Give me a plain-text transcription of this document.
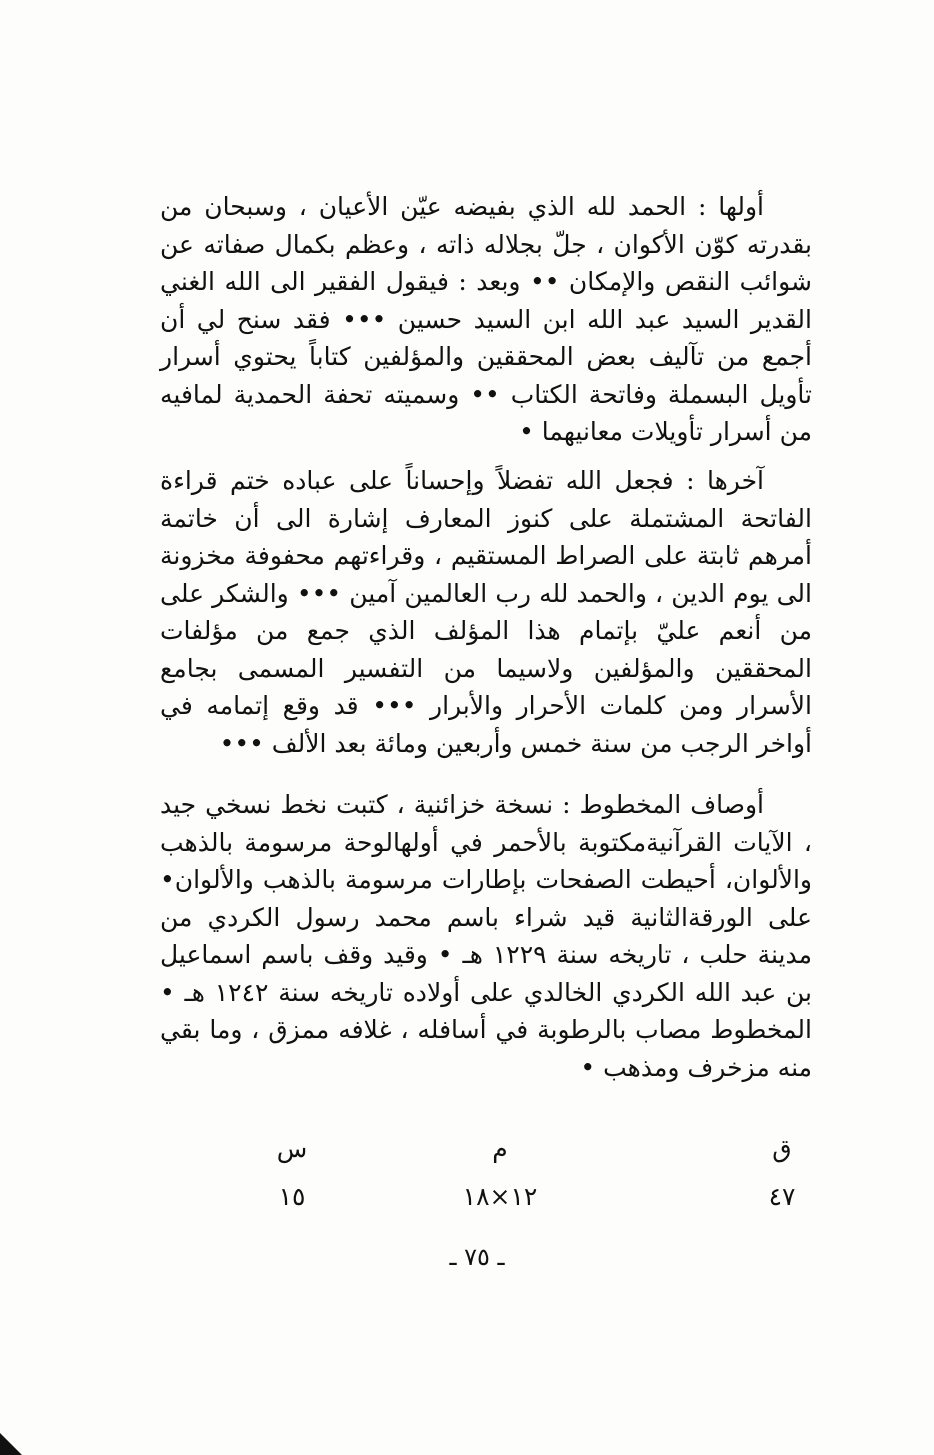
أولها : الحمد لله الذي بفيضه عيّن الأعيان ، وسبحان من بقدرته كوّن الأكوان ، جلّ بجلاله ذاته ، وعظم بكمال صفاته عن شوائب النقص والإمكان •• وبعد : فيقول الفقير الى الله الغني القدير السيد عبد الله ابن السيد حسين ••• فقد سنح لي أن أجمع من تآليف بعض المحققين والمؤلفين كتاباً يحتوي أسرار تأويل البسملة وفاتحة الكتاب •• وسميته تحفة الحمدية لمافيه من أسرار تأويلات معانيهما •

آخرها : فجعل الله تفضلاً وإحساناً على عباده ختم قراءة الفاتحة المشتملة على كنوز المعارف إشارة الى أن خاتمة أمرهم ثابتة على الصراط المستقيم ، وقراءتهم محفوفة مخزونة الى يوم الدين ، والحمد لله رب العالمين آمين ••• والشكر على من أنعم عليّ بإتمام هذا المؤلف الذي جمع من مؤلفات المحققين والمؤلفين ولاسيما من التفسير المسمى بجامع الأسرار ومن كلمات الأحرار والأبرار ••• قد وقع إتمامه في أواخر الرجب من سنة خمس وأربعين ومائة بعد الألف •••

أوصاف المخطوط : نسخة خزائنية ، كتبت نخط نسخي جيد ، الآيات القرآنيةمكتوبة بالأحمر في أولهالوحة مرسومة بالذهب والألوان، أحيطت الصفحات بإطارات مرسومة بالذهب والألوان• على الورقةالثانية قيد شراء باسم محمد رسول الكردي من مدينة حلب ، تاريخه سنة ١٢٢٩ هـ • وقيد وقف باسم اسماعيل بن عبد الله الكردي الخالدي على أولاده تاريخه سنة ١٢٤٢ هـ • المخطوط مصاب بالرطوبة في أسافله ، غلافه ممزق ، وما بقي منه مزخرف ومذهب •

ق
م
س
٤٧
١٢×١٨
١٥
ـ ٧٥ ـ
